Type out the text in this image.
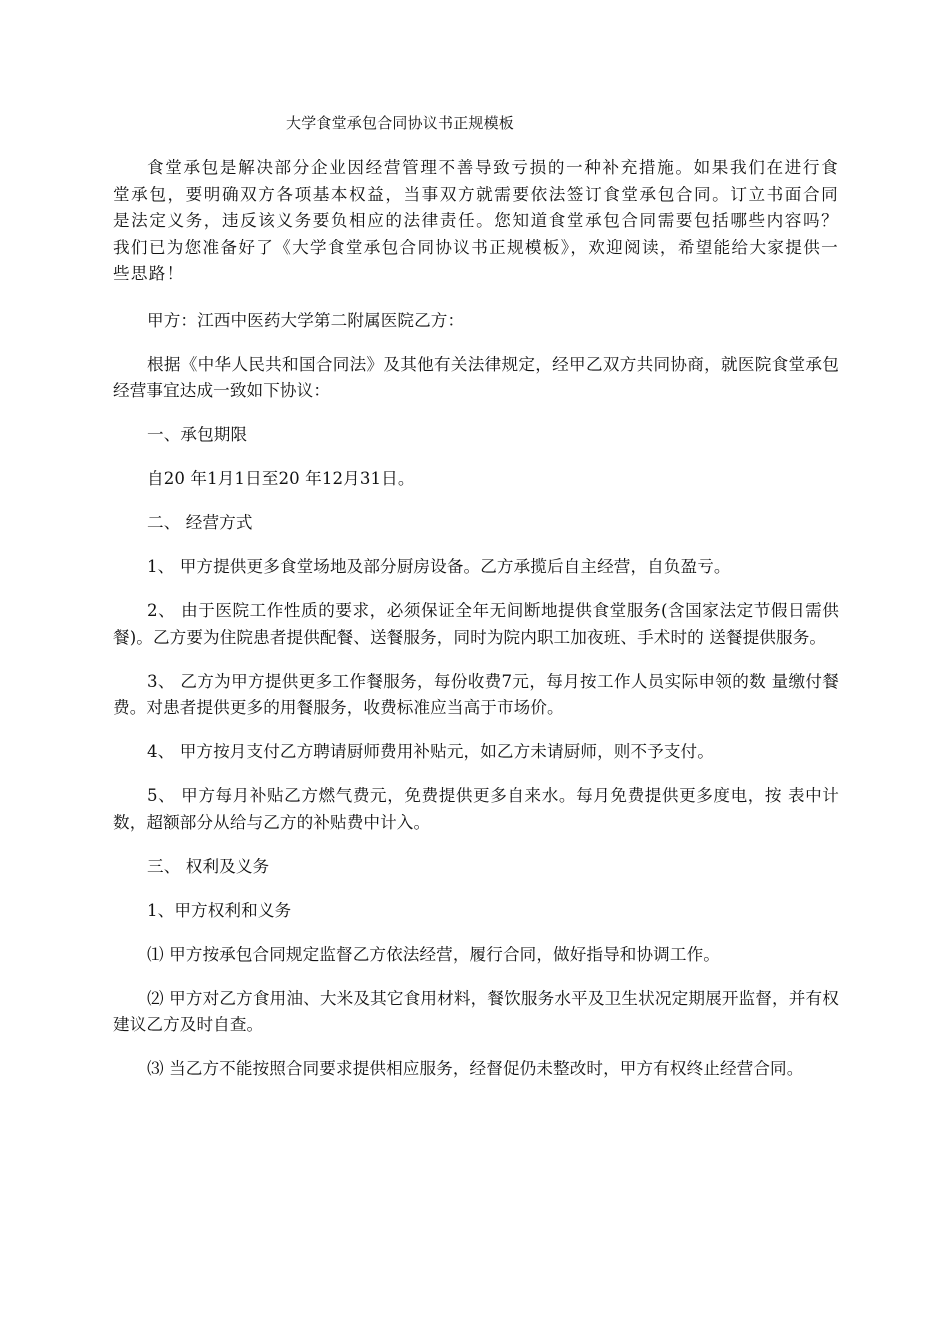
大学食堂承包合同协议书正规模板

食堂承包是解决部分企业因经营管理不善导致亏损的一种补充措施。如果我们在进行食堂承包，要明确双方各项基本权益，当事双方就需要依法签订食堂承包合同。订立书面合同是法定义务，违反该义务要负相应的法律责任。您知道食堂承包合同需要包括哪些内容吗？我们已为您准备好了《大学食堂承包合同协议书正规模板》，欢迎阅读，希望能给大家提供一些思路！

甲方：江西中医药大学第二附属医院乙方：

根据《中华人民共和国合同法》及其他有关法律规定，经甲乙双方共同协商，就医院食堂承包经营事宜达成一致如下协议：

一、承包期限

自20 年1月1日至20 年12月31日。

二、 经营方式

1、 甲方提供更多食堂场地及部分厨房设备。乙方承揽后自主经营，自负盈亏。

2、 由于医院工作性质的要求，必须保证全年无间断地提供食堂服务(含国家法定节假日需供餐)。乙方要为住院患者提供配餐、送餐服务，同时为院内职工加夜班、手术时的 送餐提供服务。

3、 乙方为甲方提供更多工作餐服务，每份收费7元，每月按工作人员实际申领的数 量缴付餐费。对患者提供更多的用餐服务，收费标准应当高于市场价。

4、 甲方按月支付乙方聘请厨师费用补贴元，如乙方未请厨师，则不予支付。

5、 甲方每月补贴乙方燃气费元，免费提供更多自来水。每月免费提供更多度电，按 表中计数，超额部分从给与乙方的补贴费中计入。

三、 权利及义务

1、甲方权利和义务

⑴ 甲方按承包合同规定监督乙方依法经营，履行合同，做好指导和协调工作。

⑵ 甲方对乙方食用油、大米及其它食用材料，餐饮服务水平及卫生状况定期展开监督，并有权建议乙方及时自查。

⑶ 当乙方不能按照合同要求提供相应服务，经督促仍未整改时，甲方有权终止经营合同。
